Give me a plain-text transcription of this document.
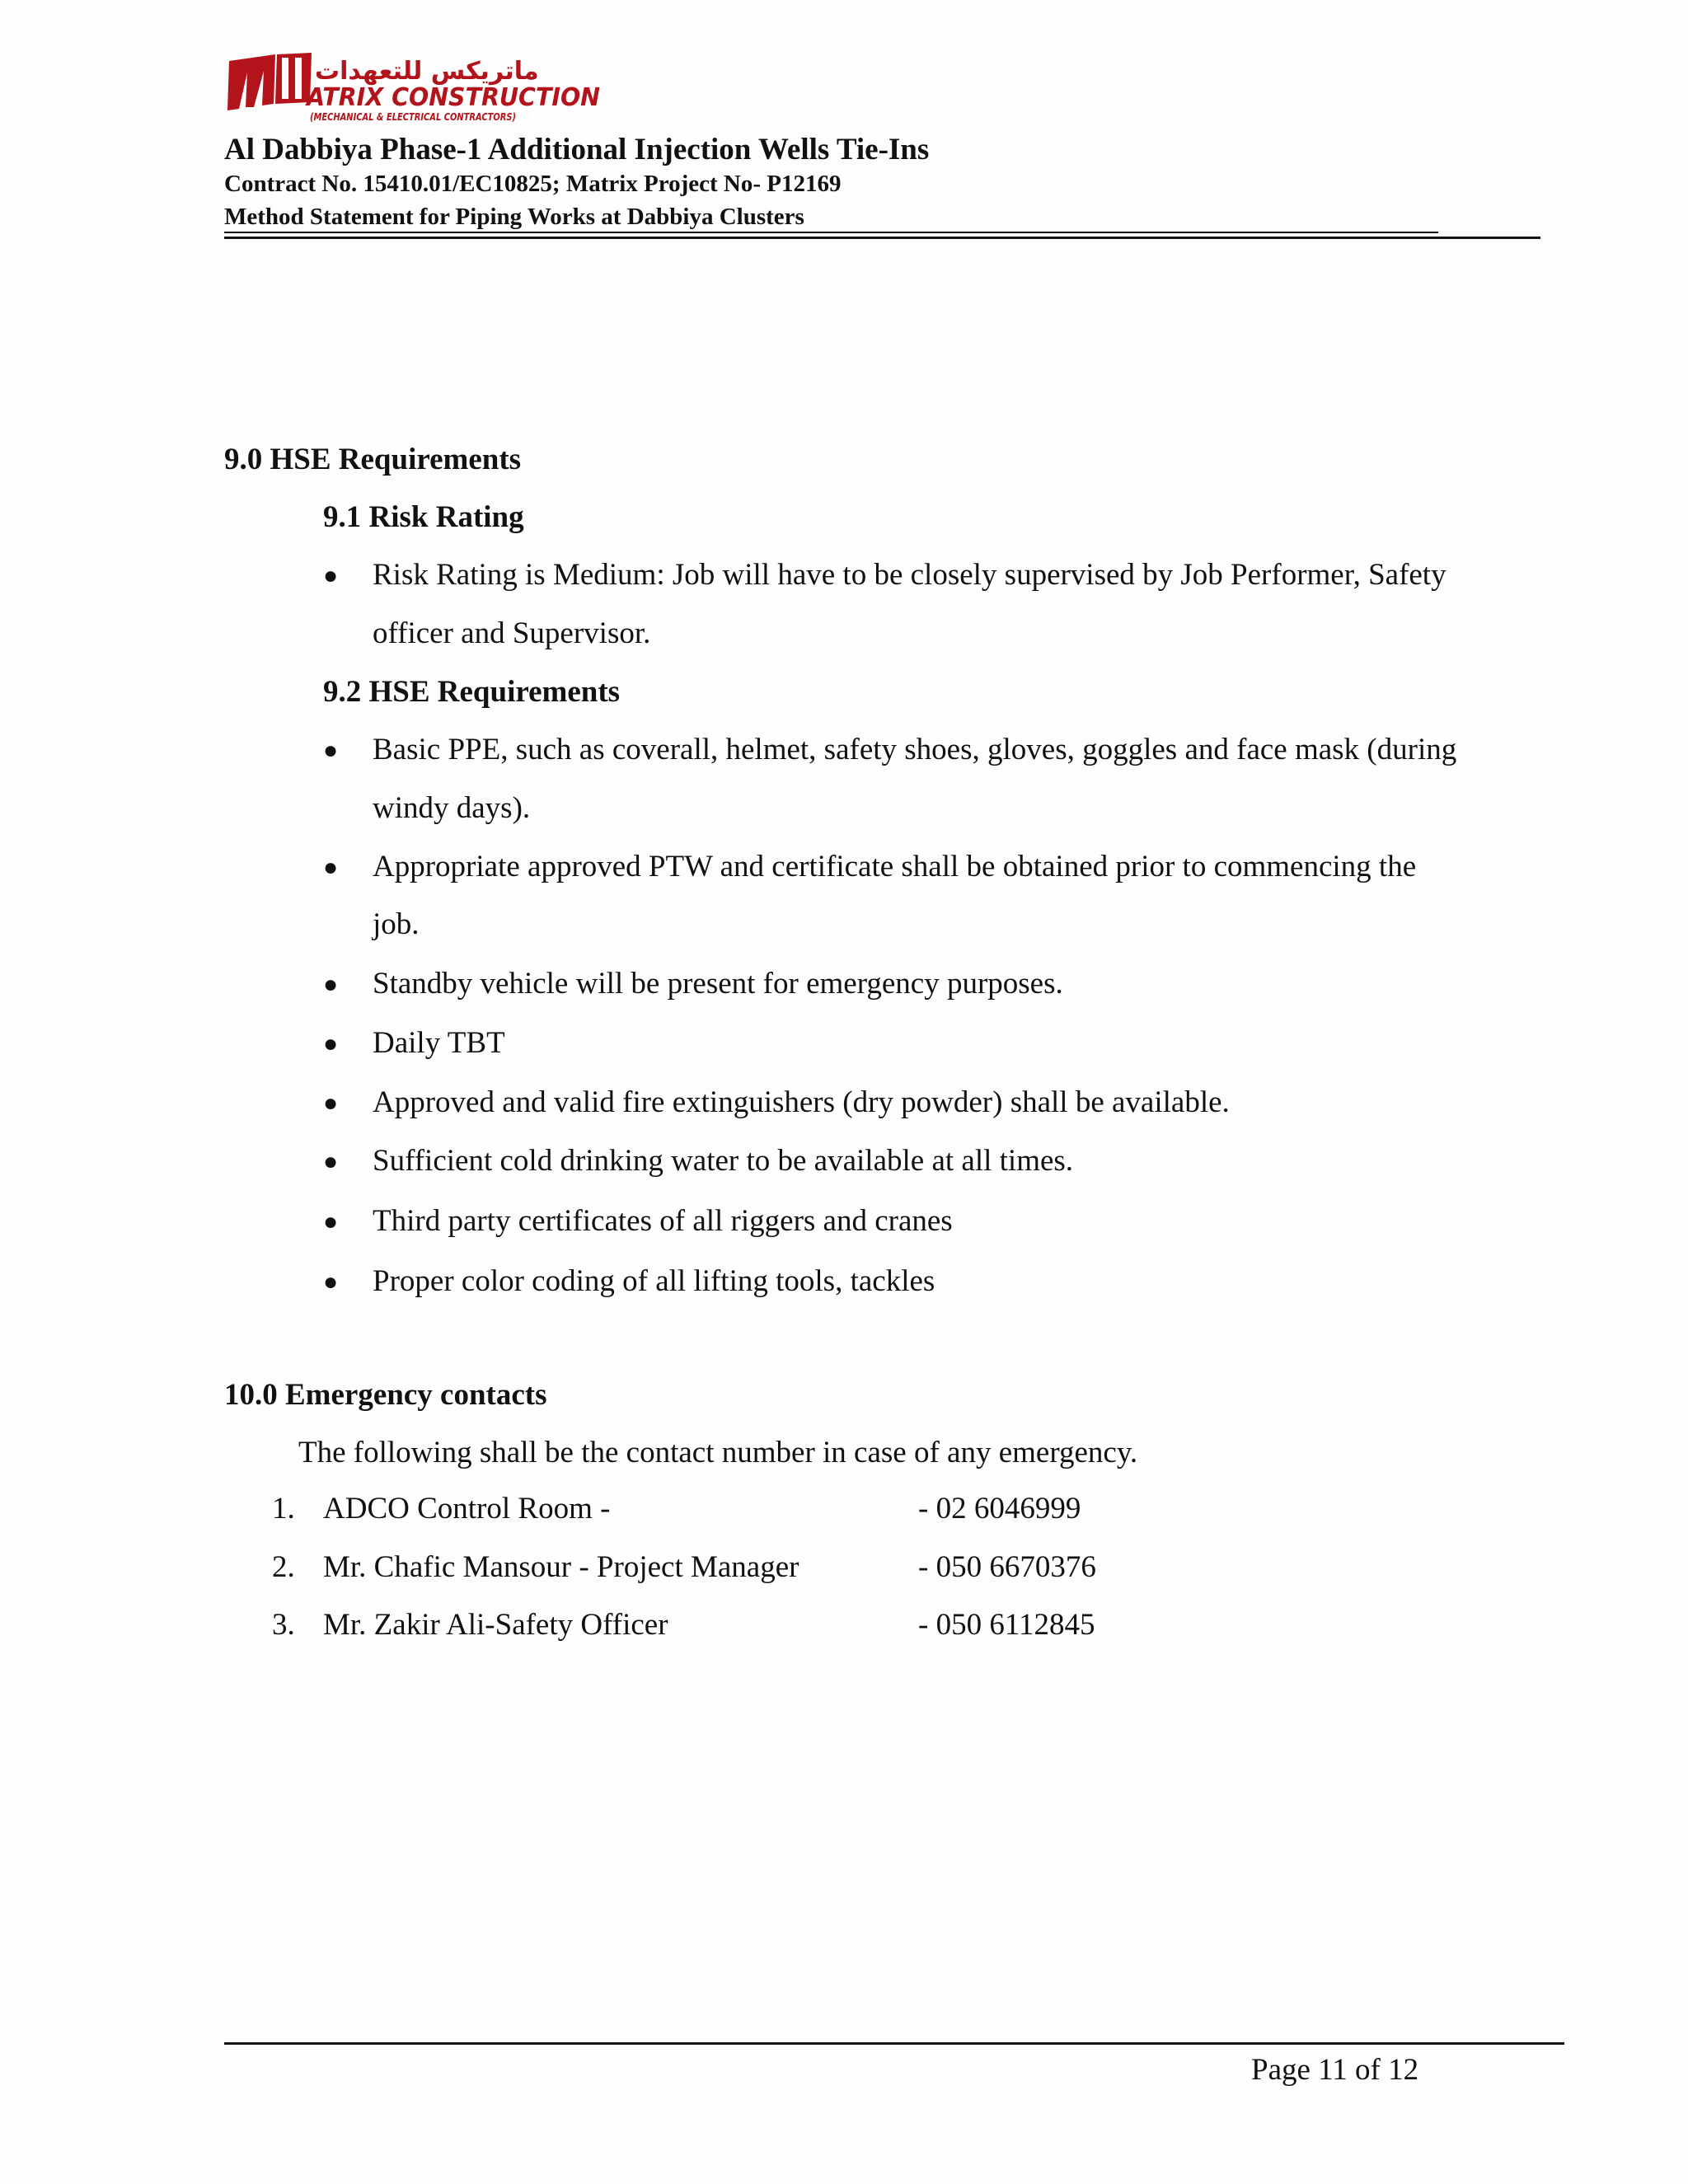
ماتريكس للتعهدات
ATRIX CONSTRUCTION
(MECHANICAL & ELECTRICAL CONTRACTORS)
Al Dabbiya Phase-1 Additional Injection Wells Tie-Ins
Contract No. 15410.01/EC10825; Matrix Project No- P12169
Method Statement for Piping Works at Dabbiya Clusters
9.0 HSE Requirements
9.1 Risk Rating
● Risk Rating is Medium: Job will have to be closely supervised by Job Performer, Safety
officer and Supervisor.
9.2 HSE Requirements
● Basic PPE, such as coverall, helmet, safety shoes, gloves, goggles and face mask (during
windy days).
● Appropriate approved PTW and certificate shall be obtained prior to commencing the
job.
● Standby vehicle will be present for emergency purposes.
● Daily TBT
● Approved and valid fire extinguishers (dry powder) shall be available.
● Sufficient cold drinking water to be available at all times.
● Third party certificates of all riggers and cranes
● Proper color coding of all lifting tools, tackles
10.0 Emergency contacts
The following shall be the contact number in case of any emergency.
1. ADCO Control Room -	- 02 6046999
2. Mr. Chafic Mansour - Project Manager	- 050 6670376
3. Mr. Zakir Ali-Safety Officer	- 050 6112845
Page 11 of 12
